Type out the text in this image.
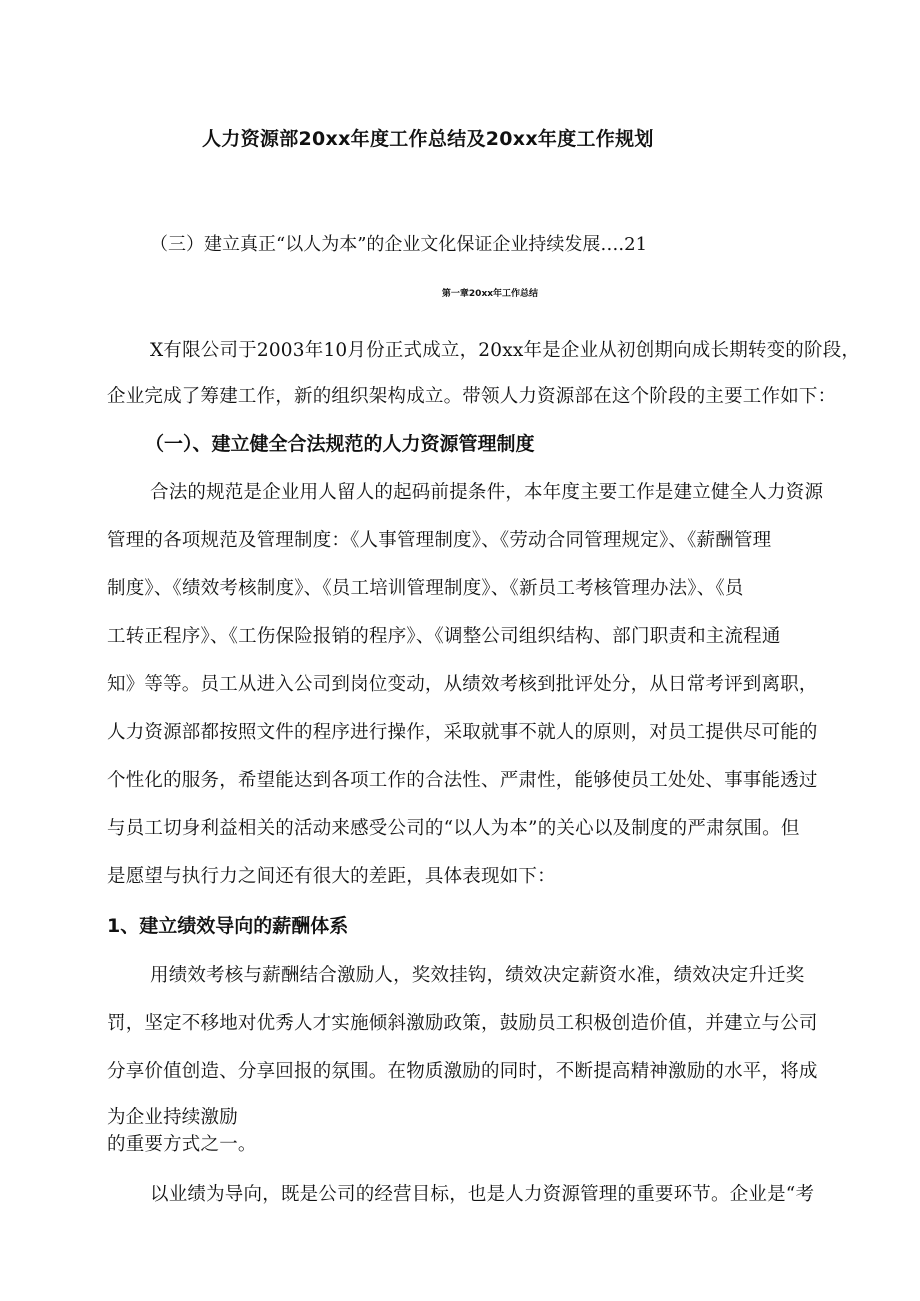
人力资源部20xx年度工作总结及20xx年度工作规划
（三）建立真正“以人为本”的企业文化保证企业持续发展….21
第一章20xx年工作总结
X有限公司于2003年10月份正式成立，20xx年是企业从初创期向成长期转变的阶段，
企业完成了筹建工作，新的组织架构成立。带领人力资源部在这个阶段的主要工作如下：
（一）、建立健全合法规范的人力资源管理制度
合法的规范是企业用人留人的起码前提条件，本年度主要工作是建立健全人力资源
管理的各项规范及管理制度：《人事管理制度》、《劳动合同管理规定》、《薪酬管理
制度》、《绩效考核制度》、《员工培训管理制度》、《新员工考核管理办法》、《员
工转正程序》、《工伤保险报销的程序》、《调整公司组织结构、部门职责和主流程通
知》等等。员工从进入公司到岗位变动，从绩效考核到批评处分，从日常考评到离职，
人力资源部都按照文件的程序进行操作，采取就事不就人的原则，对员工提供尽可能的
个性化的服务，希望能达到各项工作的合法性、严肃性，能够使员工处处、事事能透过
与员工切身利益相关的活动来感受公司的“以人为本”的关心以及制度的严肃氛围。但
是愿望与执行力之间还有很大的差距，具体表现如下：
1、建立绩效导向的薪酬体系
用绩效考核与薪酬结合激励人，奖效挂钩，绩效决定薪资水准，绩效决定升迁奖
罚，坚定不移地对优秀人才实施倾斜激励政策，鼓励员工积极创造价值，并建立与公司
分享价值创造、分享回报的氛围。在物质激励的同时，不断提高精神激励的水平，将成
为企业持续激励
的重要方式之一。
以业绩为导向，既是公司的经营目标，也是人力资源管理的重要环节。企业是“考
